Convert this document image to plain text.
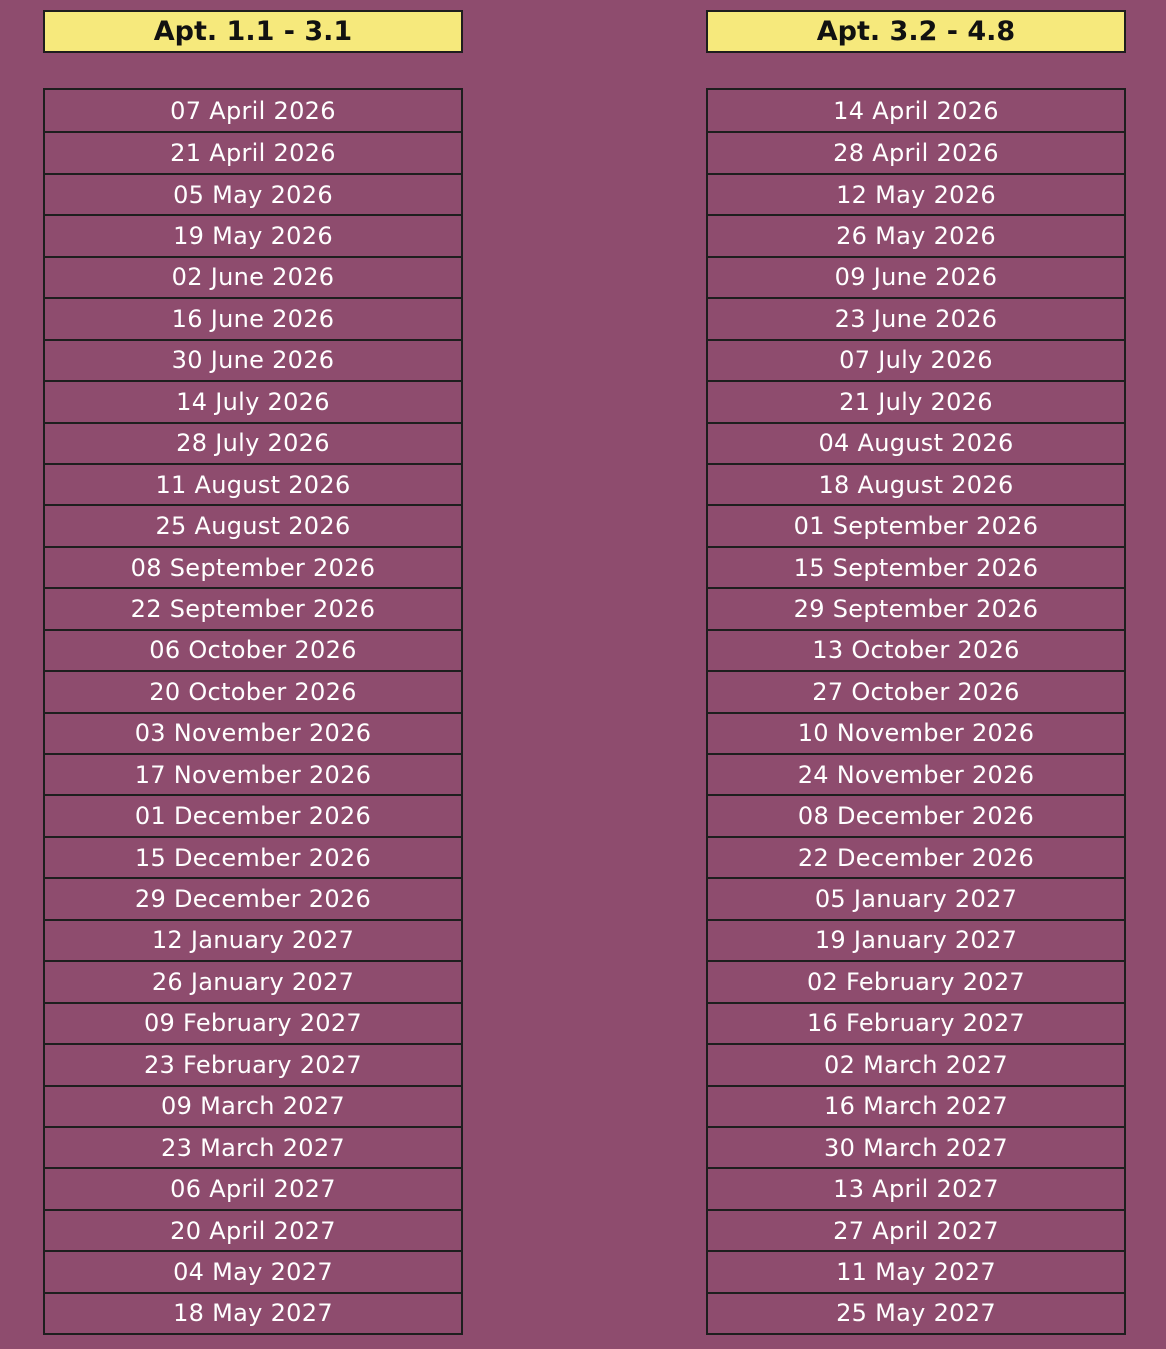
Apt. 1.1 - 3.1
07 April 2026
21 April 2026
05 May 2026
19 May 2026
02 June 2026
16 June 2026
30 June 2026
14 July 2026
28 July 2026
11 August 2026
25 August 2026
08 September 2026
22 September 2026
06 October 2026
20 October 2026
03 November 2026
17 November 2026
01 December 2026
15 December 2026
29 December 2026
12 January 2027
26 January 2027
09 February 2027
23 February 2027
09 March 2027
23 March 2027
06 April 2027
20 April 2027
04 May 2027
18 May 2027
Apt. 3.2 - 4.8
14 April 2026
28 April 2026
12 May 2026
26 May 2026
09 June 2026
23 June 2026
07 July 2026
21 July 2026
04 August 2026
18 August 2026
01 September 2026
15 September 2026
29 September 2026
13 October 2026
27 October 2026
10 November 2026
24 November 2026
08 December 2026
22 December 2026
05 January 2027
19 January 2027
02 February 2027
16 February 2027
02 March 2027
16 March 2027
30 March 2027
13 April 2027
27 April 2027
11 May 2027
25 May 2027
